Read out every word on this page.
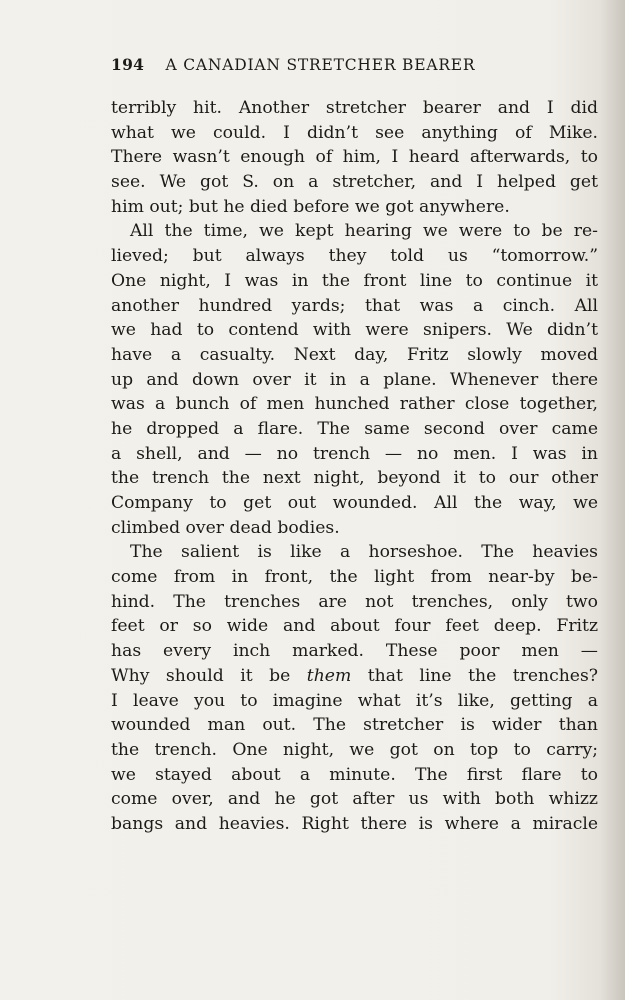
194 A CANADIAN STRETCHER BEARER
terribly hit. Another stretcher bearer and I did
what we could. I didn’t see anything of Mike.
There wasn’t enough of him, I heard afterwards, to
see. We got S. on a stretcher, and I helped get
him out; but he died before we got anywhere.
All the time, we kept hearing we were to be re-
lieved; but always they told us “tomorrow.”
One night, I was in the front line to continue it
another hundred yards; that was a cinch. All
we had to contend with were snipers. We didn’t
have a casualty. Next day, Fritz slowly moved
up and down over it in a plane. Whenever there
was a bunch of men hunched rather close together,
he dropped a flare. The same second over came
a shell, and — no trench — no men. I was in
the trench the next night, beyond it to our other
Company to get out wounded. All the way, we
climbed over dead bodies.
The salient is like a horseshoe. The heavies
come from in front, the light from near-by be-
hind. The trenches are not trenches, only two
feet or so wide and about four feet deep. Fritz
has every inch marked. These poor men —
Why should it be them that line the trenches?
I leave you to imagine what it’s like, getting a
wounded man out. The stretcher is wider than
the trench. One night, we got on top to carry;
we stayed about a minute. The first flare to
come over, and he got after us with both whizz
bangs and heavies. Right there is where a miracle
